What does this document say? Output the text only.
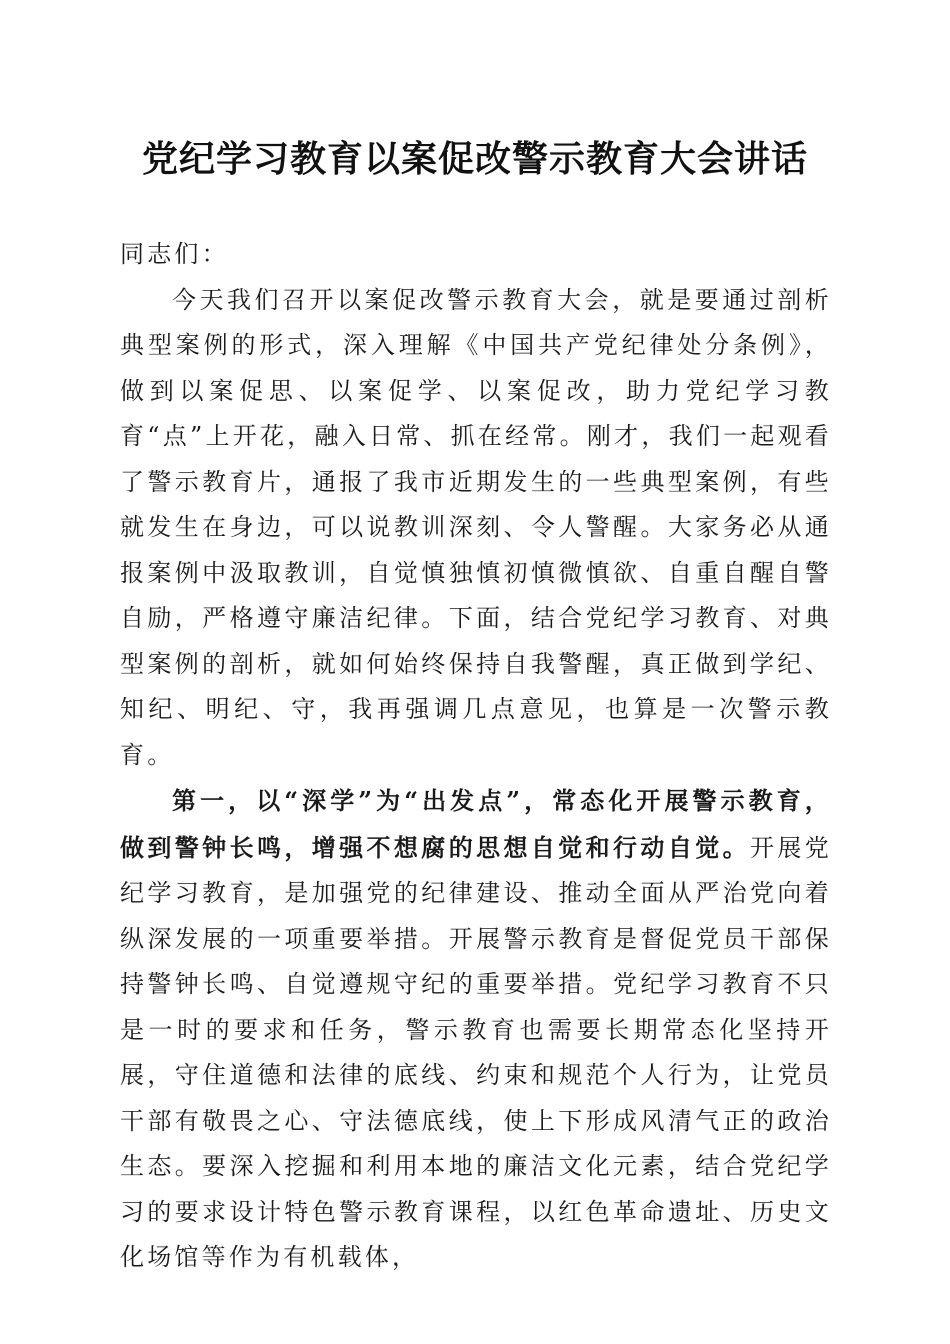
党纪学习教育以案促改警示教育大会讲话

同志们：

今天我们召开以案促改警示教育大会，就是要通过剖析典型案例的形式，深入理解《中国共产党纪律处分条例》，做到以案促思、以案促学、以案促改，助力党纪学习教育“点”上开花，融入日常、抓在经常。刚才，我们一起观看了警示教育片，通报了我市近期发生的一些典型案例，有些就发生在身边，可以说教训深刻、令人警醒。大家务必从通报案例中汲取教训，自觉慎独慎初慎微慎欲、自重自醒自警自励，严格遵守廉洁纪律。下面，结合党纪学习教育、对典型案例的剖析，就如何始终保持自我警醒，真正做到学纪、知纪、明纪、守，我再强调几点意见，也算是一次警示教育。

第一，以“深学”为“出发点”，常态化开展警示教育，做到警钟长鸣，增强不想腐的思想自觉和行动自觉。开展党纪学习教育，是加强党的纪律建设、推动全面从严治党向着纵深发展的一项重要举措。开展警示教育是督促党员干部保持警钟长鸣、自觉遵规守纪的重要举措。党纪学习教育不只是一时的要求和任务，警示教育也需要长期常态化坚持开展，守住道德和法律的底线、约束和规范个人行为，让党员干部有敬畏之心、守法德底线，使上下形成风清气正的政治生态。要深入挖掘和利用本地的廉洁文化元素，结合党纪学习的要求设计特色警示教育课程，以红色革命遗址、历史文化场馆等作为有机载体，
